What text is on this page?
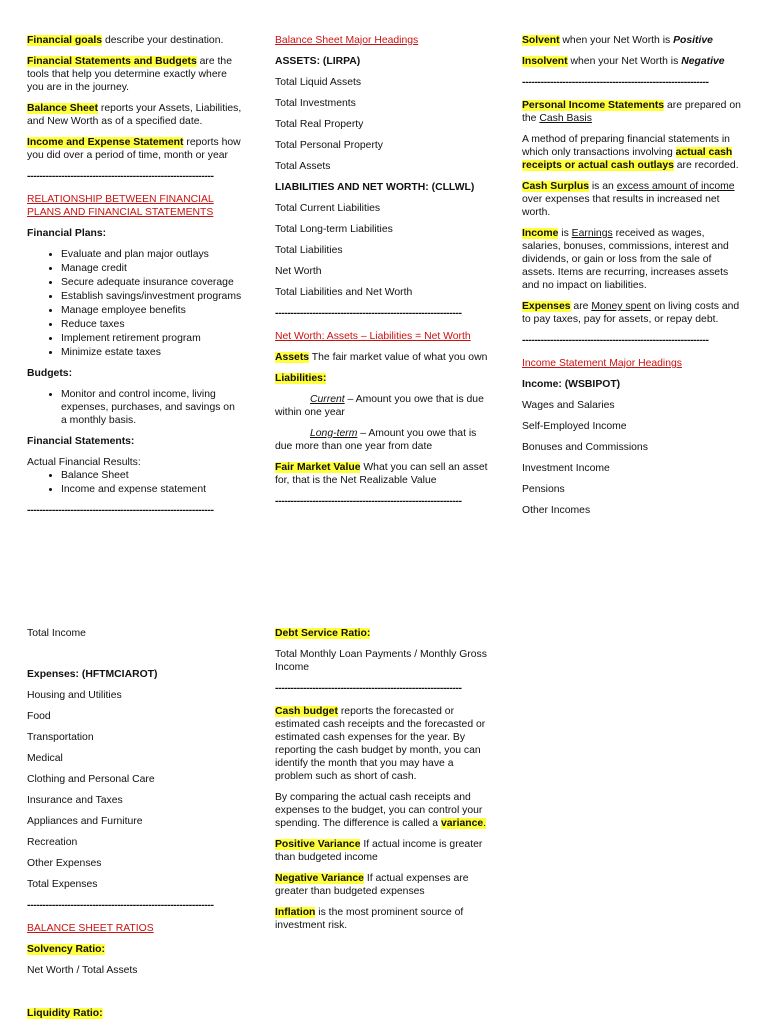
Financial goals describe your destination.

Financial Statements and Budgets are the tools that help you determine exactly where you are in the journey.

Balance Sheet reports your Assets, Liabilities, and New Worth as of a specified date.

Income and Expense Statement reports how you did over a period of time, month or year

------------------------------------------------------------

RELATIONSHIP BETWEEN FINANCIAL PLANS AND FINANCIAL STATEMENTS

Financial Plans:

• Evaluate and plan major outlays
• Manage credit
• Secure adequate insurance coverage
• Establish savings/investment programs
• Manage employee benefits
• Reduce taxes
• Implement retirement program
• Minimize estate taxes

Budgets:

• Monitor and control income, living expenses, purchases, and savings on a monthly basis.

Financial Statements:

Actual Financial Results:
• Balance Sheet
• Income and expense statement
------------------------------------------------------------

Total Income

Expenses: (HFTMCIAROT)

Housing and Utilities
Food
Transportation
Medical
Clothing and Personal Care
Insurance and Taxes
Appliances and Furniture
Recreation
Other Expenses
Total Expenses
------------------------------------------------------------

BALANCE SHEET RATIOS

Solvency Ratio:

Net Worth / Total Assets

Liquidity Ratio:

Balance Sheet Major Headings

ASSETS: (LIRPA)

Total Liquid Assets
Total Investments
Total Real Property
Total Personal Property
Total Assets

LIABILITIES AND NET WORTH: (CLLWL)

Total Current Liabilities
Total Long-term Liabilities
Total Liabilities
Net Worth
Total Liabilities and Net Worth
------------------------------------------------------------

Net Worth: Assets – Liabilities = Net Worth

Assets The fair market value of what you own

Liabilities:

Current – Amount you owe that is due within one year

Long-term – Amount you owe that is due more than one year from date

Fair Market Value What you can sell an asset for, that is the Net Realizable Value

------------------------------------------------------------

Debt Service Ratio:

Total Monthly Loan Payments / Monthly Gross Income

------------------------------------------------------------

Cash budget reports the forecasted or estimated cash receipts and the forecasted or estimated cash expenses for the year. By reporting the cash budget by month, you can identify the month that you may have a problem such as short of cash.

By comparing the actual cash receipts and expenses to the budget, you can control your spending. The difference is called a variance.

Positive Variance If actual income is greater than budgeted income

Negative Variance If actual expenses are greater than budgeted expenses

Inflation is the most prominent source of investment risk.

Solvent when your Net Worth is Positive

Insolvent when your Net Worth is Negative

------------------------------------------------------------

Personal Income Statements are prepared on the Cash Basis

A method of preparing financial statements in which only transactions involving actual cash receipts or actual cash outlays are recorded.

Cash Surplus is an excess amount of income over expenses that results in increased net worth.

Income is Earnings received as wages, salaries, bonuses, commissions, interest and dividends, or gain or loss from the sale of assets. Items are recurring, increases assets and no impact on liabilities.

Expenses are Money spent on living costs and to pay taxes, pay for assets, or repay debt.

------------------------------------------------------------

Income Statement Major Headings

Income: (WSBIPOT)

Wages and Salaries
Self-Employed Income
Bonuses and Commissions
Investment Income
Pensions
Other Incomes
